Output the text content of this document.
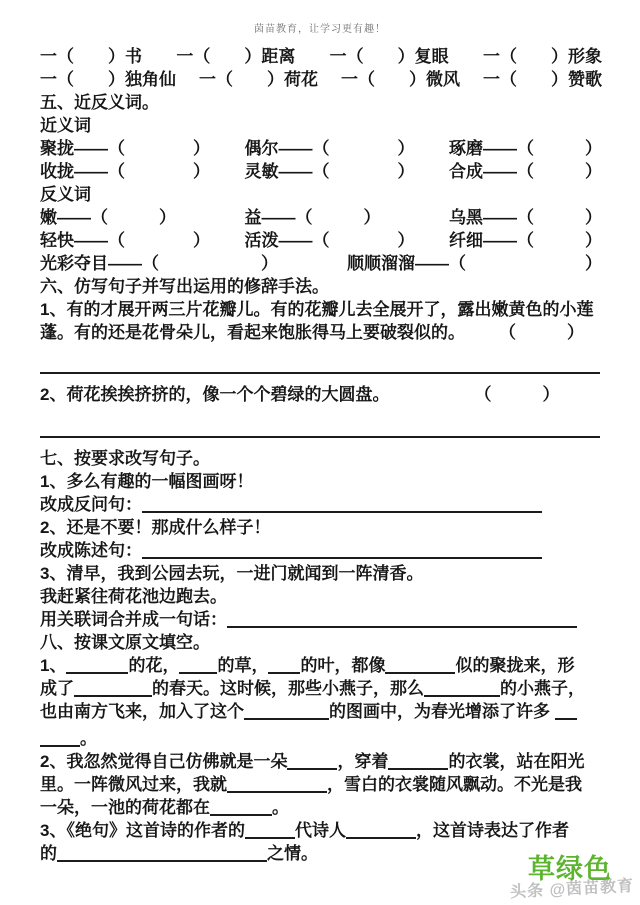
茵苗教育，让学习更有趣！
一（　　）书 一（　　）距离 一（　　）复眼 一（　　）形象
一（　　）独角仙 一（　　）荷花 一（　　）微风 一（　　）赞歌
五、近反义词。
近义词
聚拢——（　　　　） 偶尔——（　　　　） 琢磨——（　　　）
收拢——（　　　　） 灵敏——（　　　　） 合成——（　　　）
反义词
嫩——（　　　）	益——（　　　）	乌黑——（　　　）
轻快——（　　　　） 活泼——（　　　　） 纤细——（　　　）
光彩夺目——（　　　　　　）	顺顺溜溜——（　　　　　　　）
六、仿写句子并写出运用的修辞手法。
1、有的才展开两三片花瓣儿。有的花瓣儿去全展开了，露出嫩黄色的小莲
蓬。有的还是花骨朵儿，看起来饱胀得马上要破裂似的。　　　（　　　）
2、荷花挨挨挤挤的，像一个个碧绿的大圆盘。　　　　　　（　　　）
七、按要求改写句子。
1、多么有趣的一幅图画呀！
改成反问句：
2、还是不要！那成什么样子！
改成陈述句：
3、清早，我到公园去玩，一进门就闻到一阵清香。
我赶紧往荷花池边跑去。
用关联词合并成一句话：
八、按课文原文填空。
1、	的花， 的草， 的叶，都像	似的聚拢来，形
成了	的春天。这时候，那些小燕子，那么	的小燕子，
也由南方飞来，加入了这个	的图画中，为春光增添了许多
。
2、我忽然觉得自己仿佛就是一朵	，穿着	的衣裳，站在阳光
里。一阵微风过来，我就	，雪白的衣裳随风飘动。不光是我
一朵，一池的荷花都在	。
3、《绝句》这首诗的作者的	代诗人	，这首诗表达了作者
的	之情。
头条 @茵苗教育
草绿色
